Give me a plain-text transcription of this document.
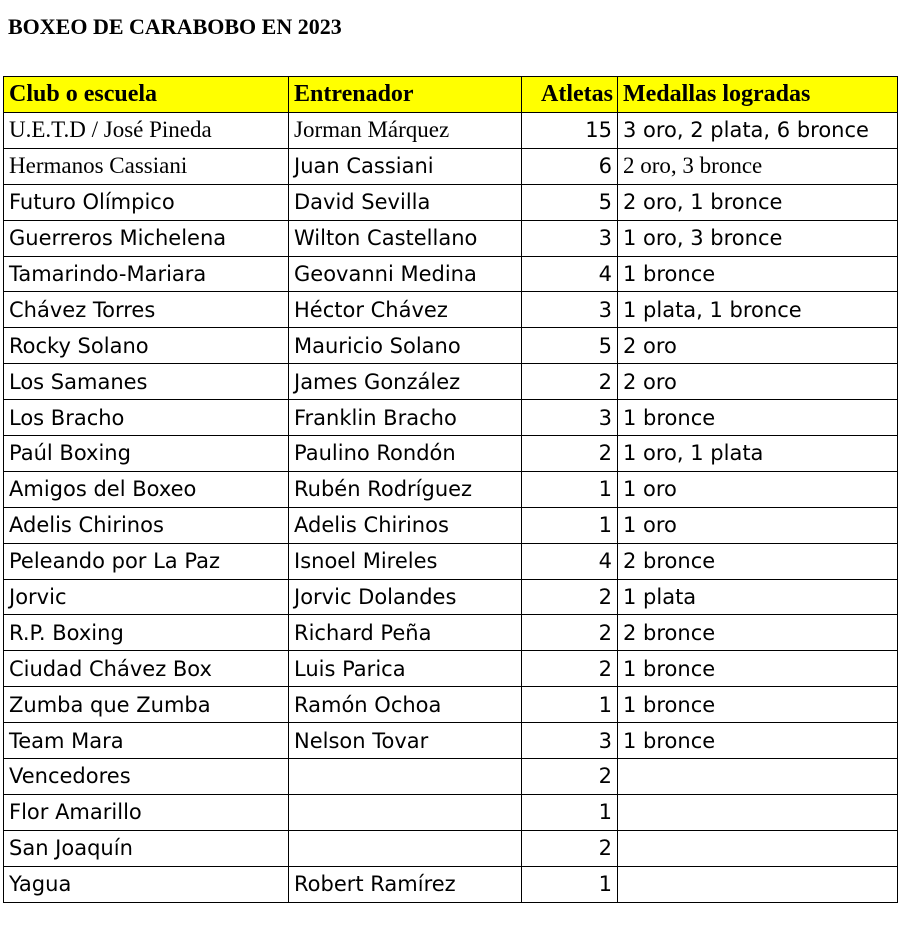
BOXEO DE CARABOBO EN 2023
Club o escuela	Entrenador	Atletas	Medallas logradas
U.E.T.D / José Pineda	Jorman Márquez	15	3 oro, 2 plata, 6 bronce
Hermanos Cassiani	Juan Cassiani	6	2 oro, 3 bronce
Futuro Olímpico	David Sevilla	5	2 oro, 1 bronce
Guerreros Michelena	Wilton Castellano	3	1 oro, 3 bronce
Tamarindo-Mariara	Geovanni Medina	4	1 bronce
Chávez Torres	Héctor Chávez	3	1 plata, 1 bronce
Rocky Solano	Mauricio Solano	5	2 oro
Los Samanes	James González	2	2 oro
Los Bracho	Franklin Bracho	3	1 bronce
Paúl Boxing	Paulino Rondón	2	1 oro, 1 plata
Amigos del Boxeo	Rubén Rodríguez	1	1 oro
Adelis Chirinos	Adelis Chirinos	1	1 oro
Peleando por La Paz	Isnoel Mireles	4	2 bronce
Jorvic	Jorvic Dolandes	2	1 plata
R.P. Boxing	Richard Peña	2	2 bronce
Ciudad Chávez Box	Luis Parica	2	1 bronce
Zumba que Zumba	Ramón Ochoa	1	1 bronce
Team Mara	Nelson Tovar	3	1 bronce
Vencedores		2	
Flor Amarillo		1	
San Joaquín		2	
Yagua	Robert Ramírez	1	
